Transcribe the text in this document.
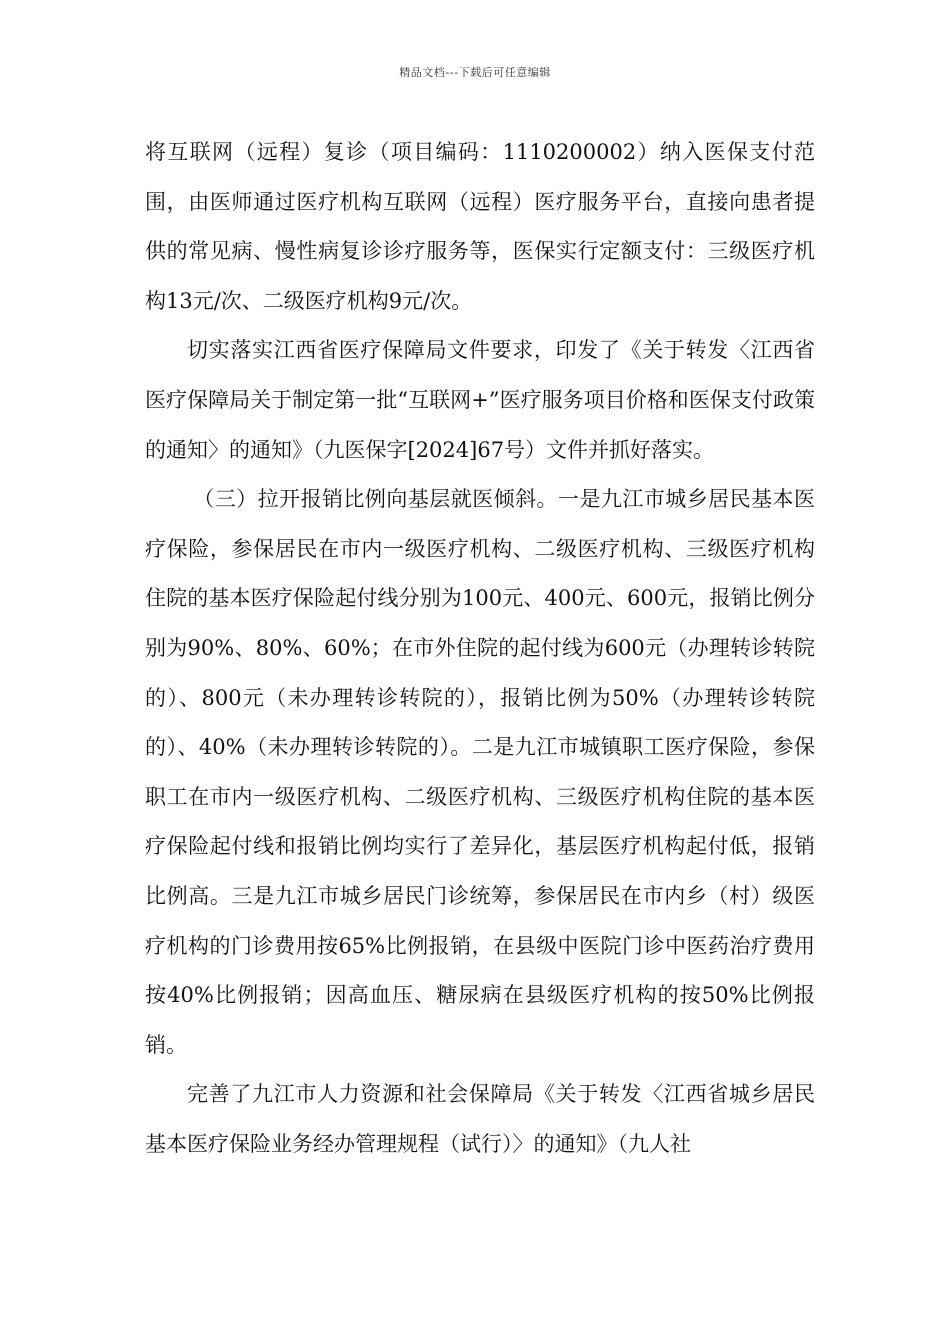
精品文档---下载后可任意编辑

将互联网（远程）复诊（项目编码：1110200002）纳入医保支付范围，由医师通过医疗机构互联网（远程）医疗服务平台，直接向患者提供的常见病、慢性病复诊诊疗服务等，医保实行定额支付：三级医疗机构13元/次、二级医疗机构9元/次。

切实落实江西省医疗保障局文件要求，印发了《关于转发〈江西省医疗保障局关于制定第一批“互联网+”医疗服务项目价格和医保支付政策的通知〉的通知》（九医保字[2024]67号）文件并抓好落实。

（三）拉开报销比例向基层就医倾斜。一是九江市城乡居民基本医疗保险，参保居民在市内一级医疗机构、二级医疗机构、三级医疗机构住院的基本医疗保险起付线分别为100元、400元、600元，报销比例分别为90%、80%、60%；在市外住院的起付线为600元（办理转诊转院的）、800元（未办理转诊转院的），报销比例为50%（办理转诊转院的）、40%（未办理转诊转院的）。二是九江市城镇职工医疗保险，参保职工在市内一级医疗机构、二级医疗机构、三级医疗机构住院的基本医疗保险起付线和报销比例均实行了差异化，基层医疗机构起付低，报销比例高。三是九江市城乡居民门诊统筹，参保居民在市内乡（村）级医疗机构的门诊费用按65%比例报销，在县级中医院门诊中医药治疗费用按40%比例报销；因高血压、糖尿病在县级医疗机构的按50%比例报销。

完善了九江市人力资源和社会保障局《关于转发〈江西省城乡居民基本医疗保险业务经办管理规程（试行）〉的通知》（九人社
